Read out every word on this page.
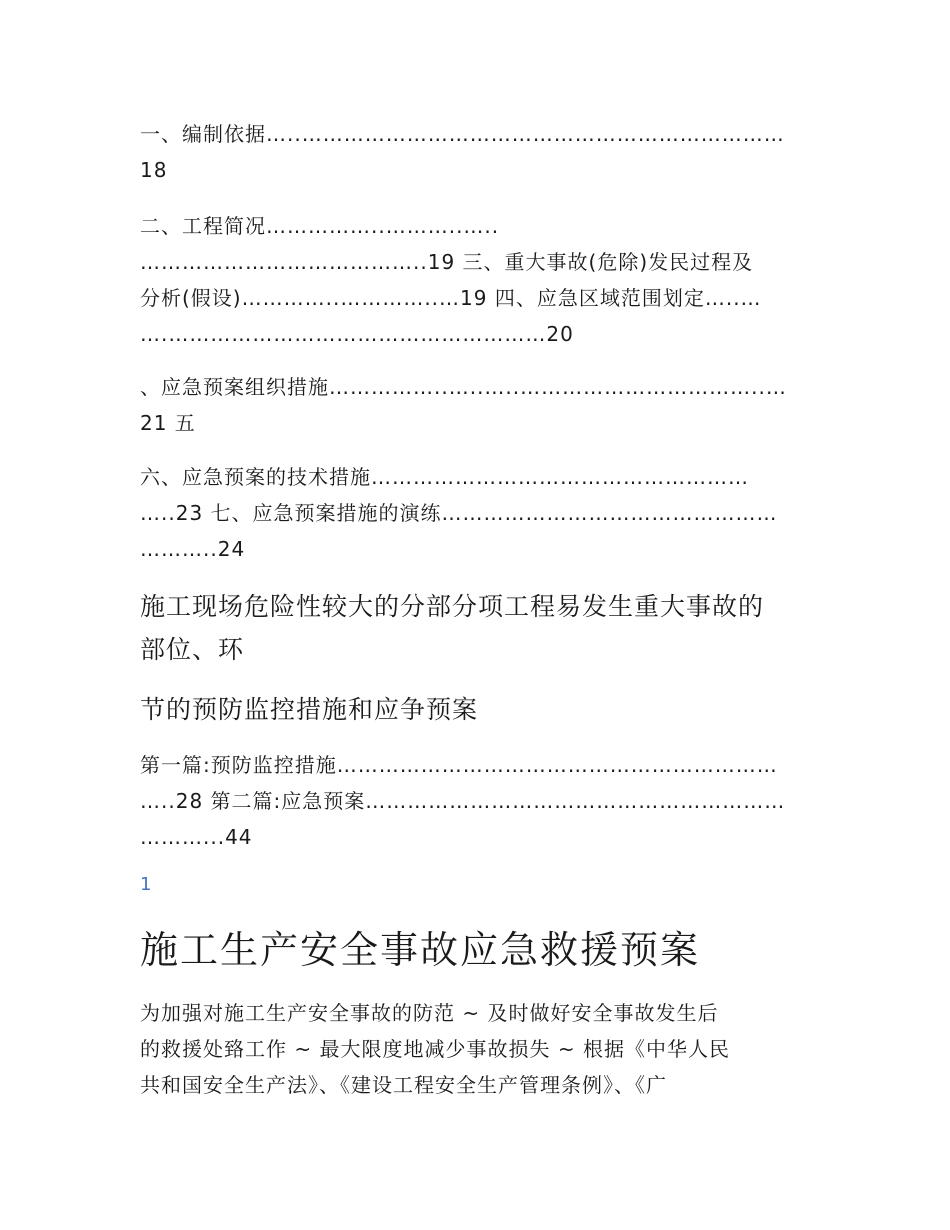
一、编制依据…..……………………………………………………………
18
二、工程简况……………..………..…..
…………………………………..19 三、重大事故(危除)发民过程及
分析(假设)…………..…………..…19 四、应急区域范围划定…..…
….………………………………………………20
、应急预案组织措施……………..…..…..……………………………..…
21 五
六、应急预案的技术措施………………………………………………
…..23 七、应急预案措施的演练…………………………………………
………..24
施工现场危险性较大的分部分项工程易发生重大事故的
部位、环
节的预防监控措施和应争预案
第一篇:预防监控措施………………………………………………………
…..28 第二篇:应急预案……………………………………………………
………...44
1
施工生产安全事故应急救援预案
为加强对施工生产安全事故的防范 ~ 及时做好安全事故发生后
的救援处臵工作 ~ 最大限度地减少事故损失 ~ 根据《中华人民
共和国安全生产法》、《建设工程安全生产管理条例》、《广
